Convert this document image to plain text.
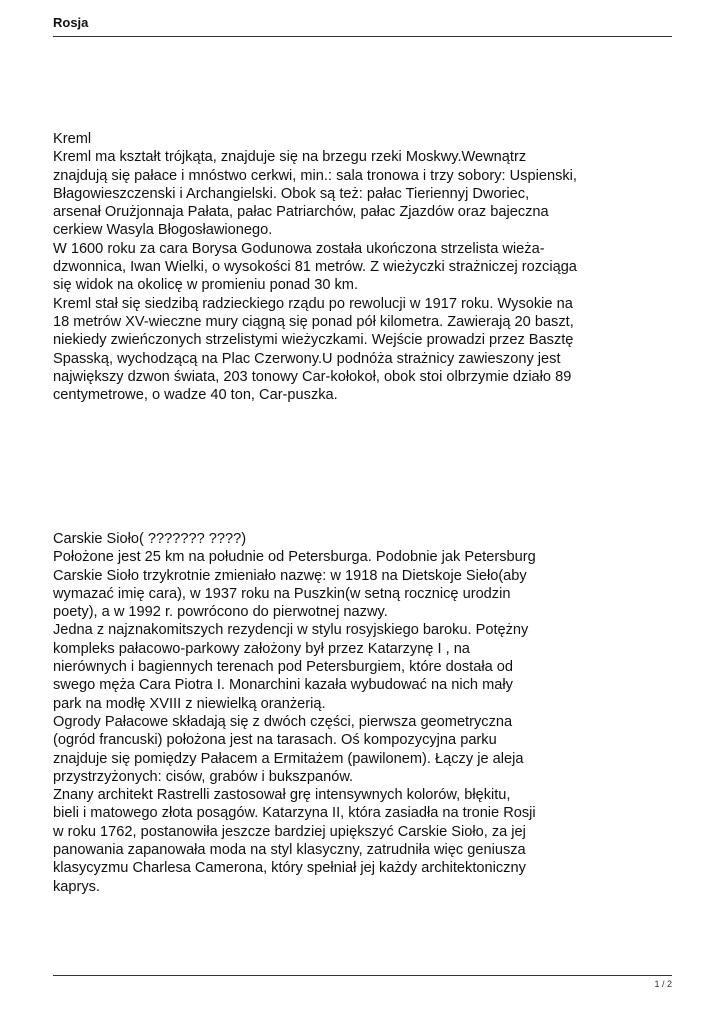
Rosja

Kreml

Kreml ma kształt trójkąta, znajduje się na brzegu rzeki Moskwy.Wewnątrz

znajdują się pałace i mnóstwo cerkwi, min.: sala tronowa i trzy sobory: Uspienski,

Błagowieszczenski i Archangielski. Obok są też: pałac Tieriennyj Dworiec,

arsenał Orużjonnaja Pałata, pałac Patriarchów, pałac Zjazdów oraz bajeczna

cerkiew Wasyla Błogosławionego.

W 1600 roku za cara Borysa Godunowa została ukończona strzelista wieża-

dzwonnica, Iwan Wielki, o wysokości 81 metrów. Z wieżyczki strażniczej rozciąga

się widok na okolicę w promieniu ponad 30 km.

Kreml stał się siedzibą radzieckiego rządu po rewolucji w 1917 roku. Wysokie na

18 metrów XV-wieczne mury ciągną się ponad pół kilometra. Zawierają 20 baszt,

niekiedy zwieńczonych strzelistymi wieżyczkami. Wejście prowadzi przez Basztę

Spasską, wychodzącą na Plac Czerwony.U podnóża strażnicy zawieszony jest

największy dzwon świata, 203 tonowy Car-kołokoł, obok stoi olbrzymie działo 89

centymetrowe, o wadze 40 ton, Car-puszka.

Carskie Sioło( ??????? ????)

Położone jest 25 km na południe od Petersburga. Podobnie jak Petersburg

Carskie Sioło trzykrotnie zmieniało nazwę: w 1918 na Dietskoje Sieło(aby

wymazać imię cara), w 1937 roku na Puszkin(w setną rocznicę urodzin

poety), a w 1992 r. powrócono do pierwotnej nazwy.

Jedna z najznakomitszych rezydencji w stylu rosyjskiego baroku. Potężny

kompleks pałacowo-parkowy założony był przez Katarzynę I , na

nierównych i bagiennych terenach pod Petersburgiem, które dostała od

swego męża Cara Piotra I. Monarchini kazała wybudować na nich mały

park na modłę XVIII z niewielką oranżerią.

Ogrody Pałacowe składają się z dwóch części, pierwsza geometryczna

(ogród francuski) położona jest na tarasach. Oś kompozycyjna parku

znajduje się pomiędzy Pałacem a Ermitażem (pawilonem). Łączy je aleja

przystrzyżonych: cisów, grabów i bukszpanów.

Znany architekt Rastrelli zastosował grę intensywnych kolorów, błękitu,

bieli i matowego złota posągów. Katarzyna II, która zasiadła na tronie Rosji

w roku 1762, postanowiła jeszcze bardziej upiększyć Carskie Sioło, za jej

panowania zapanowała moda na styl klasyczny, zatrudniła więc geniusza

klasycyzmu Charlesa Camerona, który spełniał jej każdy architektoniczny

kaprys.

1 / 2
